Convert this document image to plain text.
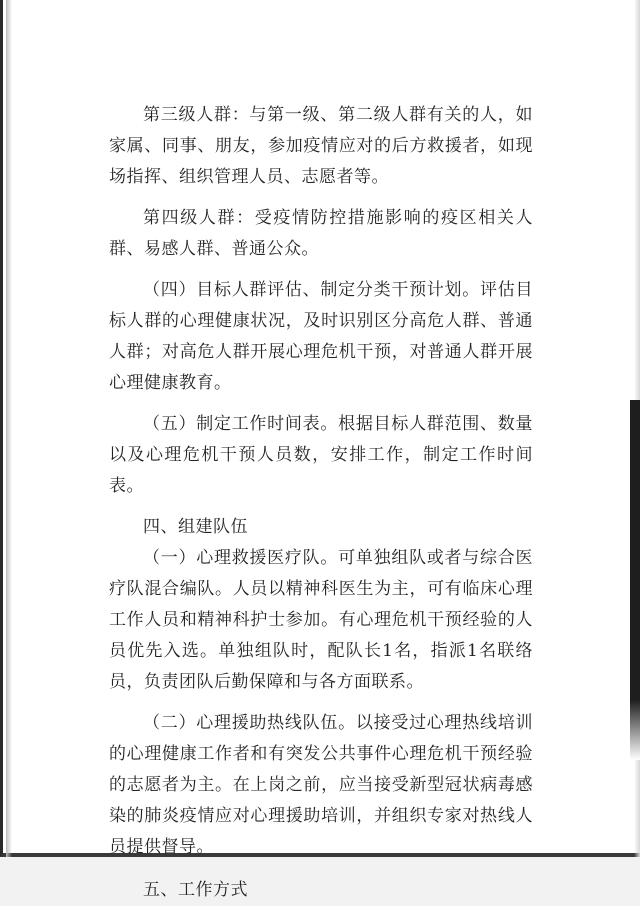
第三级人群：与第一级、第二级人群有关的人，如家属、同事、朋友，参加疫情应对的后方救援者，如现场指挥、组织管理人员、志愿者等。

第四级人群：受疫情防控措施影响的疫区相关人群、易感人群、普通公众。

（四）目标人群评估、制定分类干预计划。评估目标人群的心理健康状况，及时识别区分高危人群、普通人群；对高危人群开展心理危机干预，对普通人群开展心理健康教育。

（五）制定工作时间表。根据目标人群范围、数量以及心理危机干预人员数，安排工作，制定工作时间表。

四、组建队伍

（一）心理救援医疗队。可单独组队或者与综合医疗队混合编队。人员以精神科医生为主，可有临床心理工作人员和精神科护士参加。有心理危机干预经验的人员优先入选。单独组队时，配队长1名，指派1名联络员，负责团队后勤保障和与各方面联系。

（二）心理援助热线队伍。以接受过心理热线培训的心理健康工作者和有突发公共事件心理危机干预经验的志愿者为主。在上岗之前，应当接受新型冠状病毒感染的肺炎疫情应对心理援助培训，并组织专家对热线人员提供督导。

五、工作方式
